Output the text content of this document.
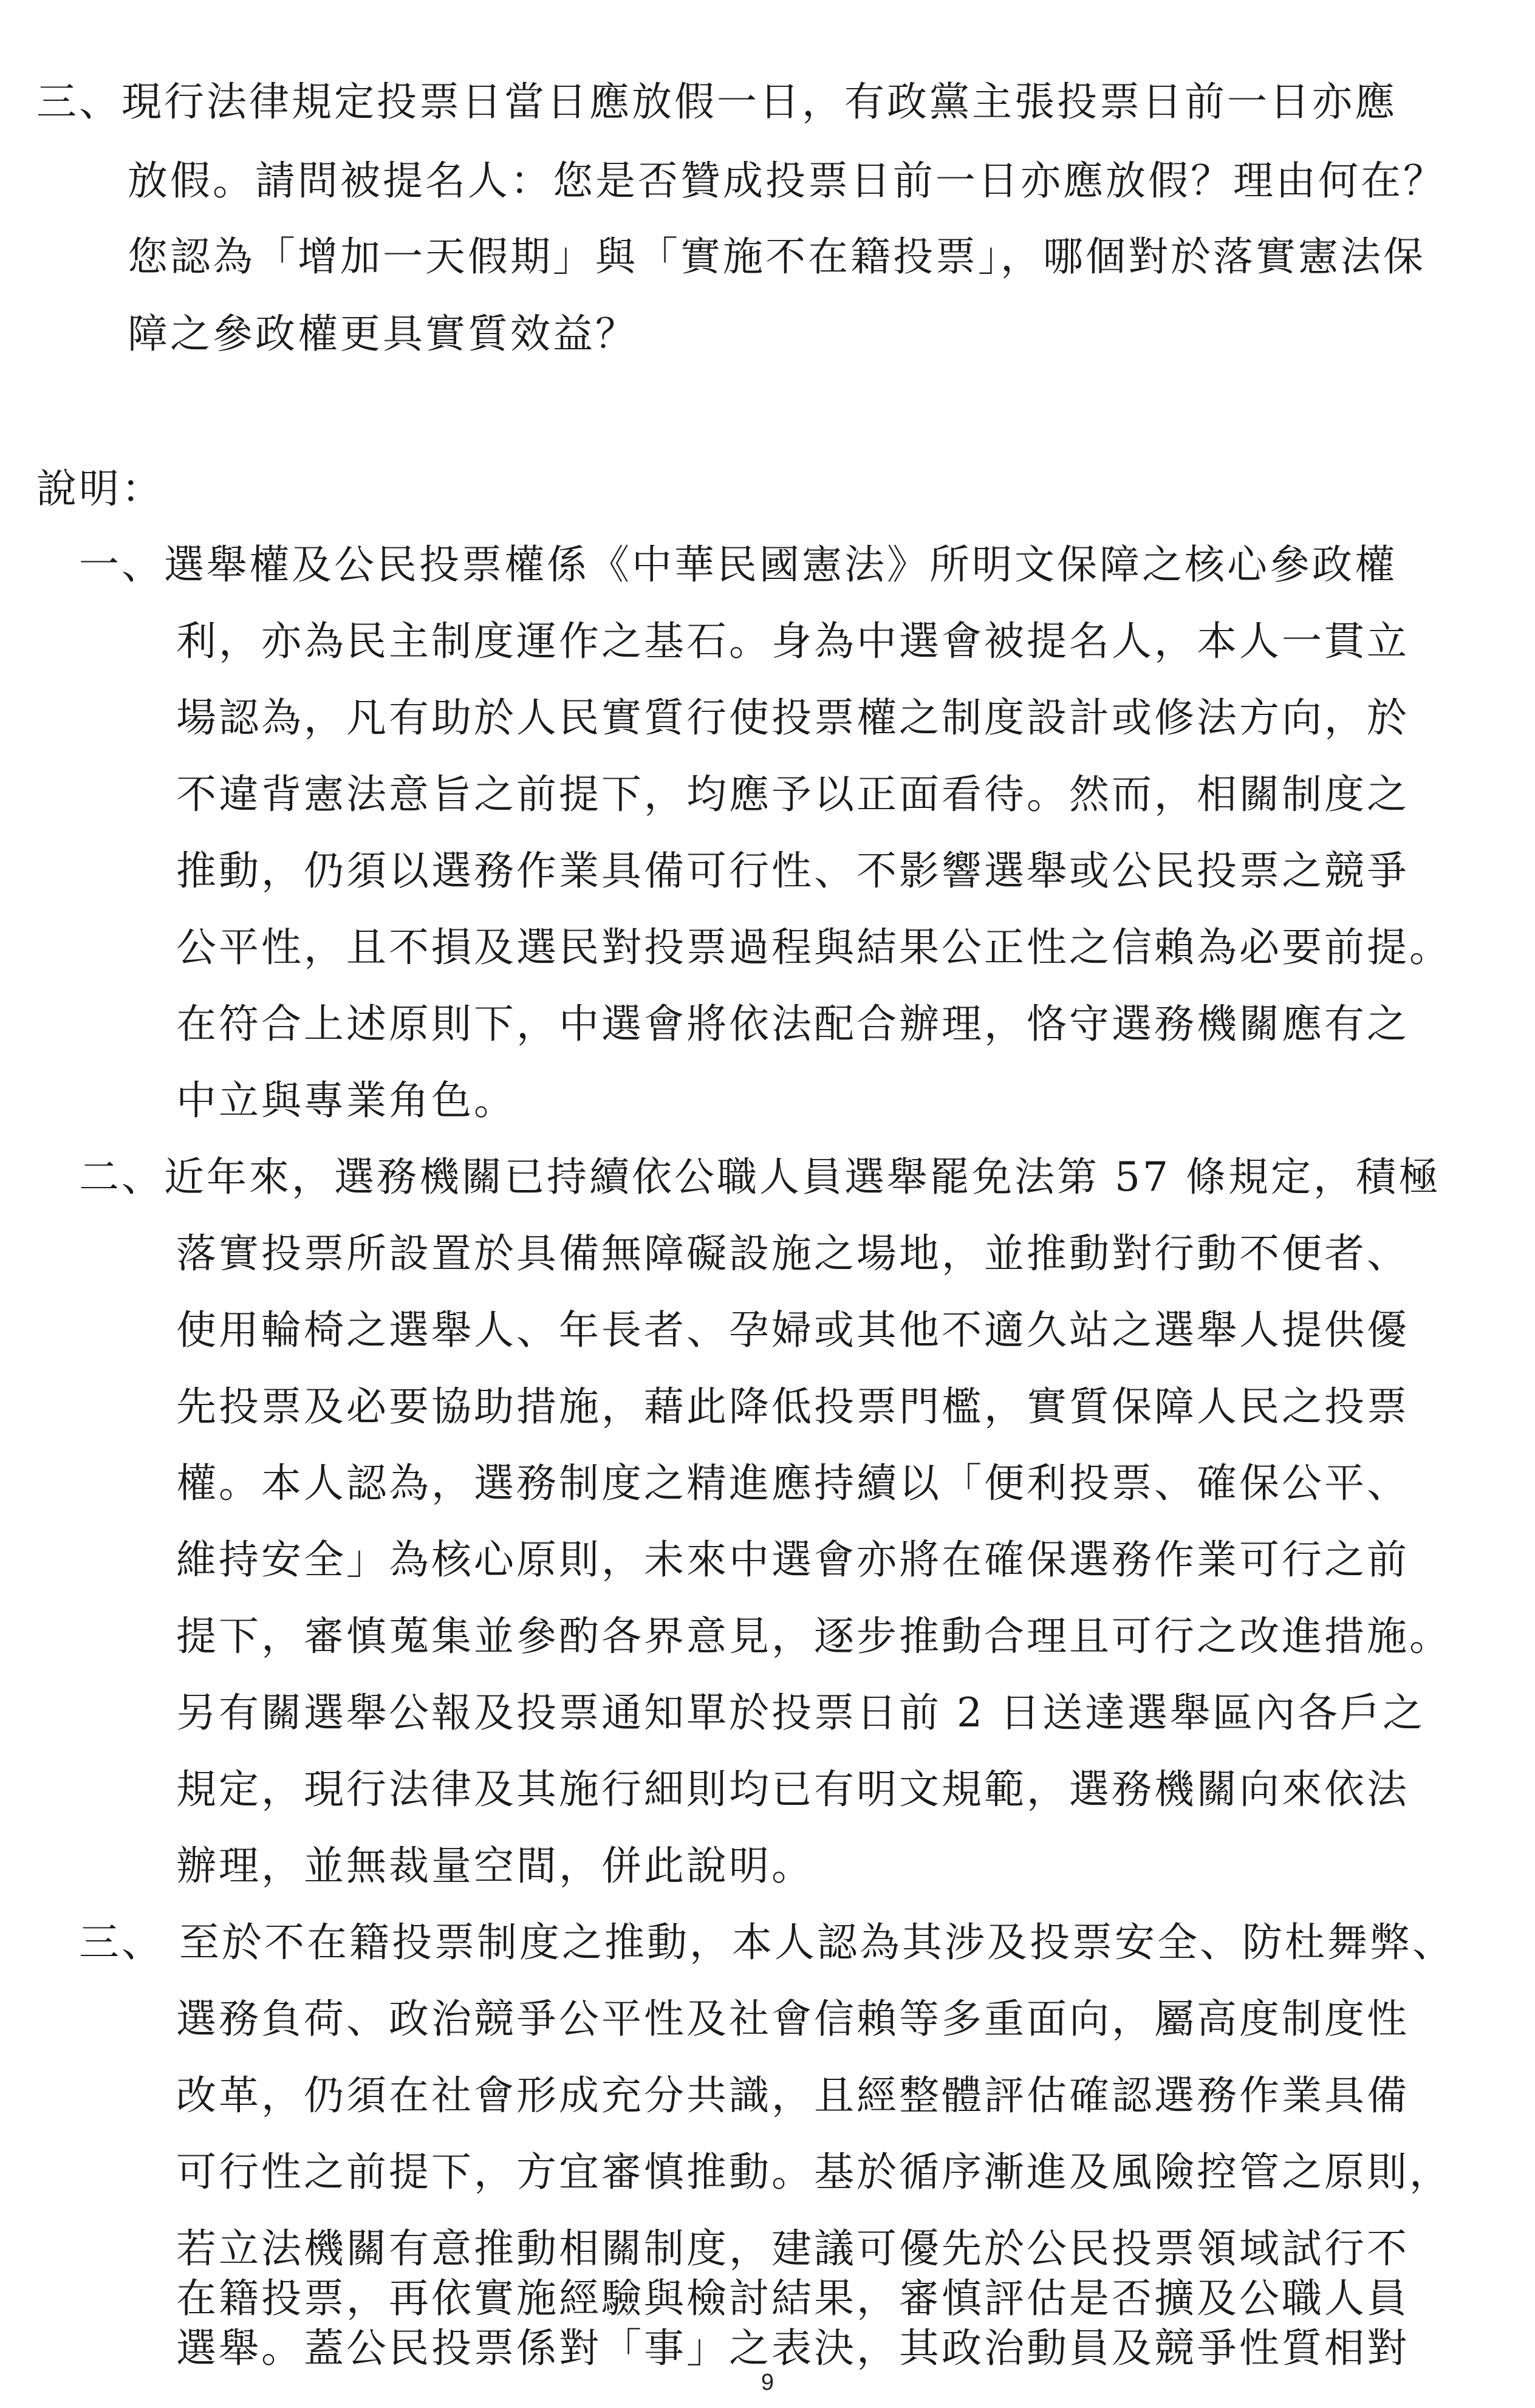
三、現行法律規定投票日當日應放假一日，有政黨主張投票日前一日亦應
放假。請問被提名人：您是否贊成投票日前一日亦應放假？理由何在？
您認為「增加一天假期」與「實施不在籍投票」，哪個對於落實憲法保
障之參政權更具實質效益？
說明：
一、選舉權及公民投票權係《中華民國憲法》所明文保障之核心參政權
利，亦為民主制度運作之基石。身為中選會被提名人，本人一貫立
場認為，凡有助於人民實質行使投票權之制度設計或修法方向，於
不違背憲法意旨之前提下，均應予以正面看待。然而，相關制度之
推動，仍須以選務作業具備可行性、不影響選舉或公民投票之競爭
公平性，且不損及選民對投票過程與結果公正性之信賴為必要前提。
在符合上述原則下，中選會將依法配合辦理，恪守選務機關應有之
中立與專業角色。
二、近年來，選務機關已持續依公職人員選舉罷免法第 57 條規定，積極
落實投票所設置於具備無障礙設施之場地，並推動對行動不便者、
使用輪椅之選舉人、年長者、孕婦或其他不適久站之選舉人提供優
先投票及必要協助措施，藉此降低投票門檻，實質保障人民之投票
權。本人認為，選務制度之精進應持續以「便利投票、確保公平、
維持安全」為核心原則，未來中選會亦將在確保選務作業可行之前
提下，審慎蒐集並參酌各界意見，逐步推動合理且可行之改進措施。
另有關選舉公報及投票通知單於投票日前 2 日送達選舉區內各戶之
規定，現行法律及其施行細則均已有明文規範，選務機關向來依法
辦理，並無裁量空間，併此說明。
三、 至於不在籍投票制度之推動，本人認為其涉及投票安全、防杜舞弊、
選務負荷、政治競爭公平性及社會信賴等多重面向，屬高度制度性
改革，仍須在社會形成充分共識，且經整體評估確認選務作業具備
可行性之前提下，方宜審慎推動。基於循序漸進及風險控管之原則，
若立法機關有意推動相關制度，建議可優先於公民投票領域試行不
在籍投票，再依實施經驗與檢討結果，審慎評估是否擴及公職人員
選舉。蓋公民投票係對「事」之表決，其政治動員及競爭性質相對
9
